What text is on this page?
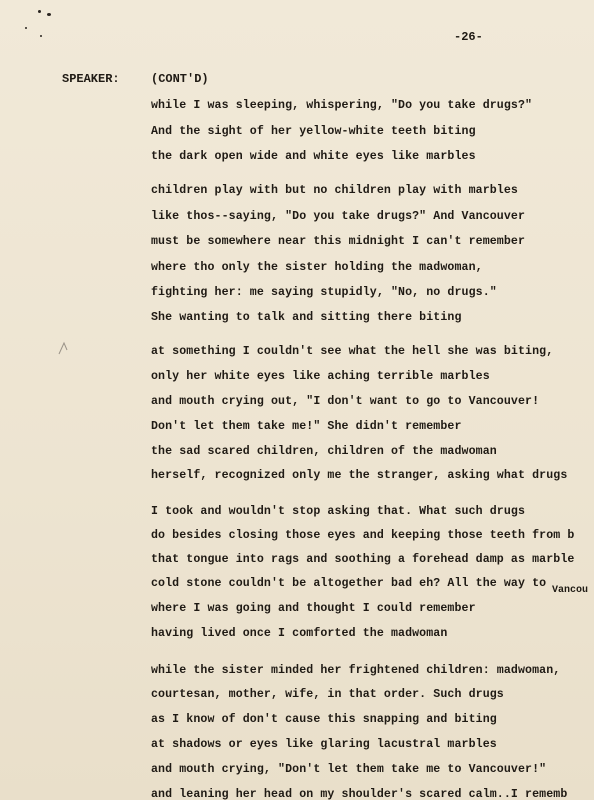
-26-
SPEAKER:	(CONT'D)
while I was sleeping, whispering, "Do you take drugs?"
And the sight of her yellow-white teeth biting
the dark open wide and white eyes like marbles
children play with but no children play with marbles
like thos--saying, "Do you take drugs?" And Vancouver
must be somewhere near this midnight I can't remember
where tho only the sister holding the madwoman,
fighting her: me saying stupidly, "No, no drugs."
She wanting to talk and sitting there biting
at something I couldn't see what the hell she was biting,
only her white eyes like aching terrible marbles
and mouth crying out, "I don't want to go to Vancouver!
Don't let them take me!" She didn't remember
the sad scared children, children of the madwoman
herself, recognized only me the stranger, asking what drugs
I took and wouldn't stop asking that. What such drugs
do besides closing those eyes and keeping those teeth from b
that tongue into rags and soothing a forehead damp as marble
cold stone couldn't be altogether bad eh? All the way to
Vancou
where I was going and thought I could remember
having lived once I comforted the madwoman
while the sister minded her frightened children: madwoman,
courtesan, mother, wife, in that order. Such drugs
as I know of don't cause this snapping and biting
at shadows or eyes like glaring lacustral marbles
and mouth crying, "Don't let them take me to Vancouver!"
and leaning her head on my shoulder's scared calm..I rememb
